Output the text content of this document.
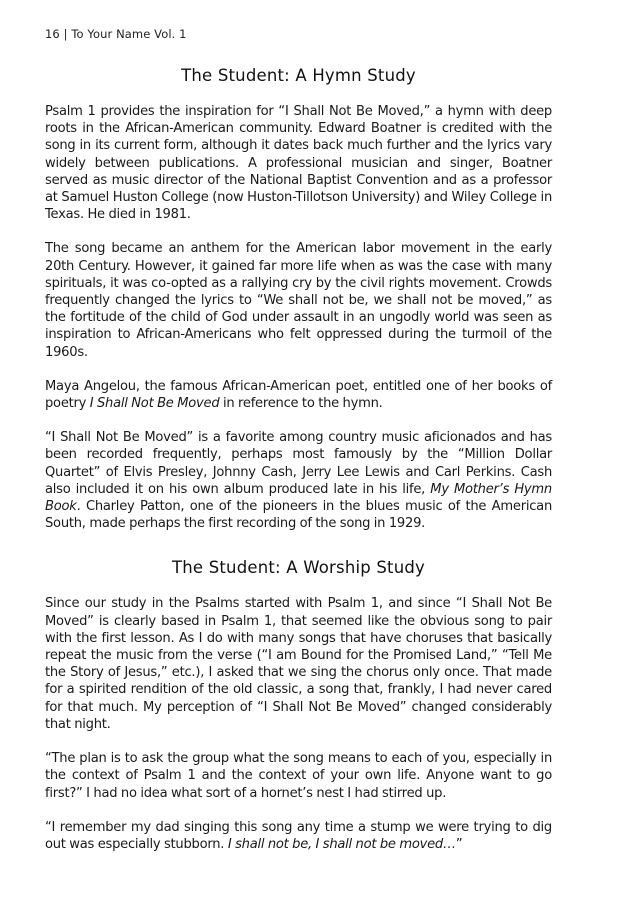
16 | To Your Name Vol. 1
The Student: A Hymn Study

Psalm 1 provides the inspiration for “I Shall Not Be Moved,” a hymn with deep roots in the African-American community. Edward Boatner is credited with the song in its current form, although it dates back much further and the lyrics vary widely between publications. A professional musician and singer, Boatner served as music director of the National Baptist Convention and as a professor at Samuel Huston College (now Huston-Tillotson University) and Wiley College in Texas. He died in 1981.

The song became an anthem for the American labor movement in the early 20th Century. However, it gained far more life when as was the case with many spirituals, it was co-opted as a rallying cry by the civil rights movement. Crowds frequently changed the lyrics to “We shall not be, we shall not be moved,” as the fortitude of the child of God under assault in an ungodly world was seen as inspiration to African-Americans who felt oppressed during the turmoil of the 1960s.

Maya Angelou, the famous African-American poet, entitled one of her books of poetry I Shall Not Be Moved in reference to the hymn.

“I Shall Not Be Moved” is a favorite among country music aficionados and has been recorded frequently, perhaps most famously by the “Million Dollar Quartet” of Elvis Presley, Johnny Cash, Jerry Lee Lewis and Carl Perkins. Cash also included it on his own album produced late in his life, My Mother’s Hymn Book. Charley Patton, one of the pioneers in the blues music of the American South, made perhaps the first recording of the song in 1929.

The Student: A Worship Study

Since our study in the Psalms started with Psalm 1, and since “I Shall Not Be Moved” is clearly based in Psalm 1, that seemed like the obvious song to pair with the first lesson. As I do with many songs that have choruses that basically repeat the music from the verse (“I am Bound for the Promised Land,” “Tell Me the Story of Jesus,” etc.), I asked that we sing the chorus only once. That made for a spirited rendition of the old classic, a song that, frankly, I had never cared for that much. My perception of “I Shall Not Be Moved” changed considerably that night.

“The plan is to ask the group what the song means to each of you, especially in the context of Psalm 1 and the context of your own life. Anyone want to go first?” I had no idea what sort of a hornet’s nest I had stirred up.

“I remember my dad singing this song any time a stump we were trying to dig out was especially stubborn. I shall not be, I shall not be moved…”
